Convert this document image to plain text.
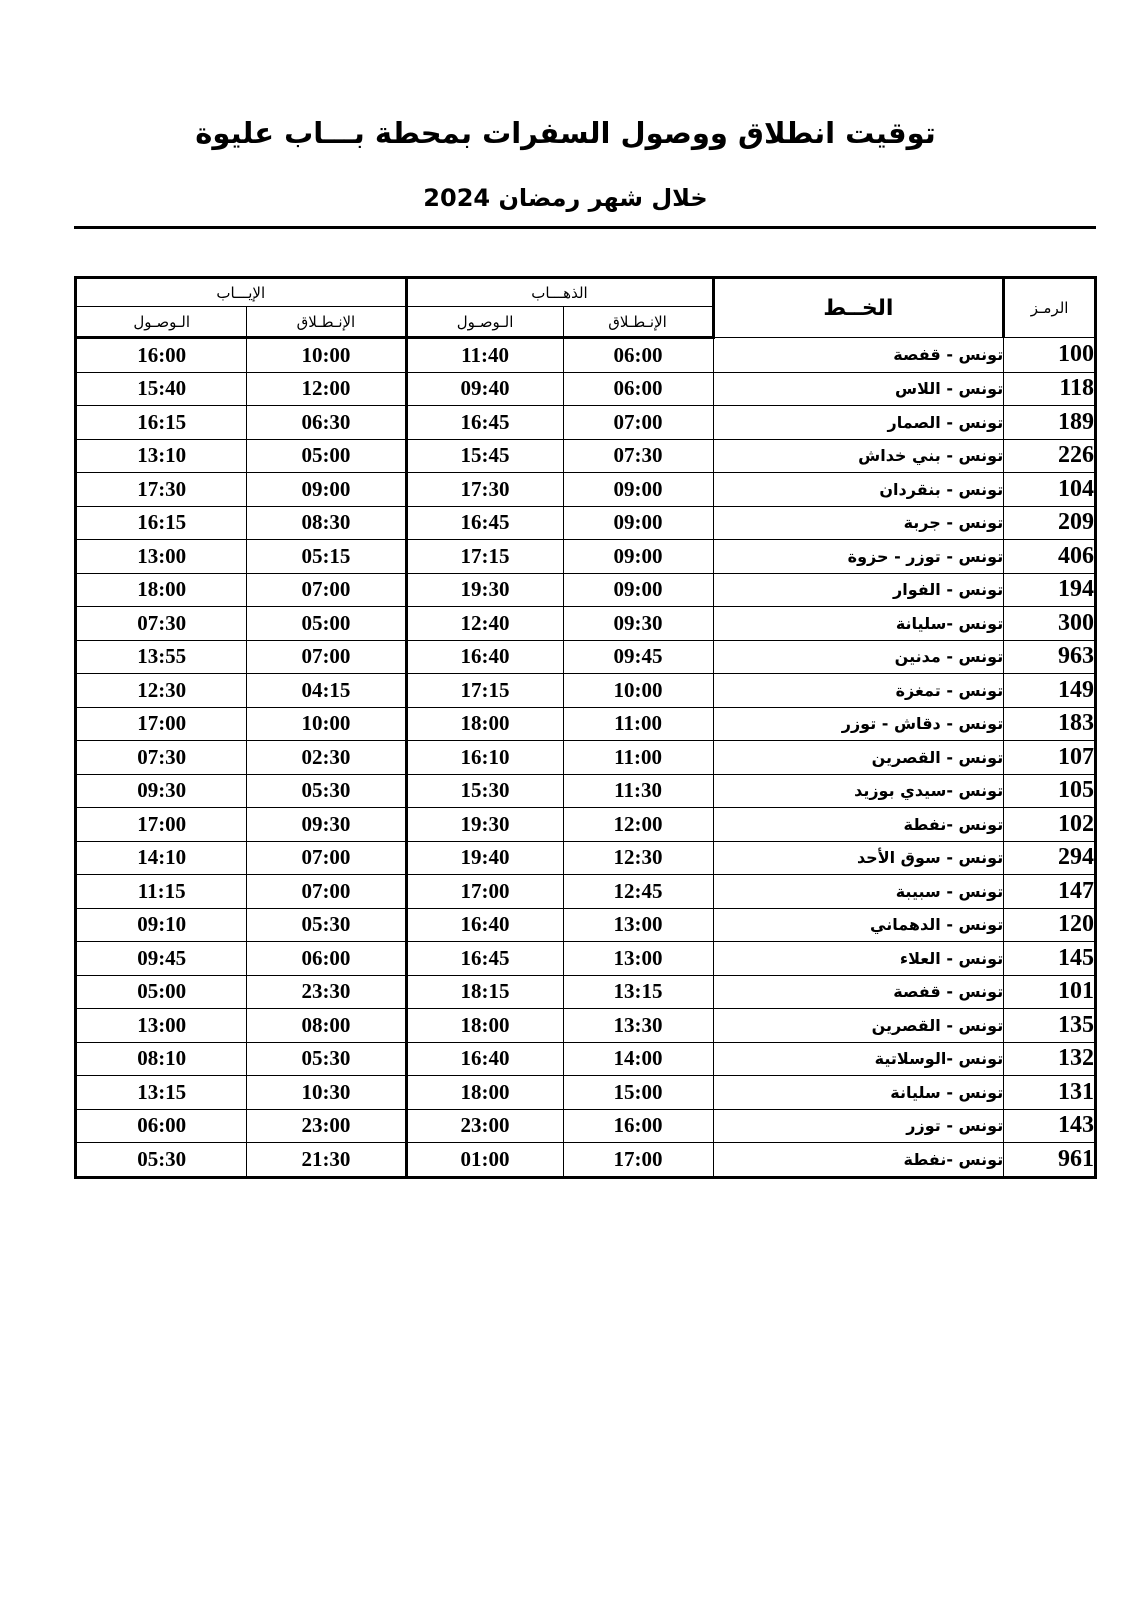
توقيت انطلاق ووصول السفرات بمحطة بـــاب عليوة
خلال شهر رمضان 2024
الرمـز	الخــط	الذهـــاب		الإيـــاب	
		الإنـطـلاق	الـوصـول	الإنـطـلاق	الـوصـول
100	تونس - قفصة	06:00	11:40	10:00	16:00
118	تونس - اللاس	06:00	09:40	12:00	15:40
189	تونس - الصمار	07:00	16:45	06:30	16:15
226	تونس - بني خداش	07:30	15:45	05:00	13:10
104	تونس - بنقردان	09:00	17:30	09:00	17:30
209	تونس - جربة	09:00	16:45	08:30	16:15
406	تونس - توزر - حزوة	09:00	17:15	05:15	13:00
194	تونس - الفوار	09:00	19:30	07:00	18:00
300	تونس -سليانة	09:30	12:40	05:00	07:30
963	تونس - مدنين	09:45	16:40	07:00	13:55
149	تونس - تمغزة	10:00	17:15	04:15	12:30
183	تونس - دقاش - توزر	11:00	18:00	10:00	17:00
107	تونس - القصرين	11:00	16:10	02:30	07:30
105	تونس -سيدي بوزيد	11:30	15:30	05:30	09:30
102	تونس -نفطة	12:00	19:30	09:30	17:00
294	تونس - سوق الأحد	12:30	19:40	07:00	14:10
147	تونس - سبيبة	12:45	17:00	07:00	11:15
120	تونس - الدهماني	13:00	16:40	05:30	09:10
145	تونس - العلاء	13:00	16:45	06:00	09:45
101	تونس - قفصة	13:15	18:15	23:30	05:00
135	تونس - القصرين	13:30	18:00	08:00	13:00
132	تونس -الوسلاتية	14:00	16:40	05:30	08:10
131	تونس - سليانة	15:00	18:00	10:30	13:15
143	تونس - توزر	16:00	23:00	23:00	06:00
961	تونس -نفطة	17:00	01:00	21:30	05:30
